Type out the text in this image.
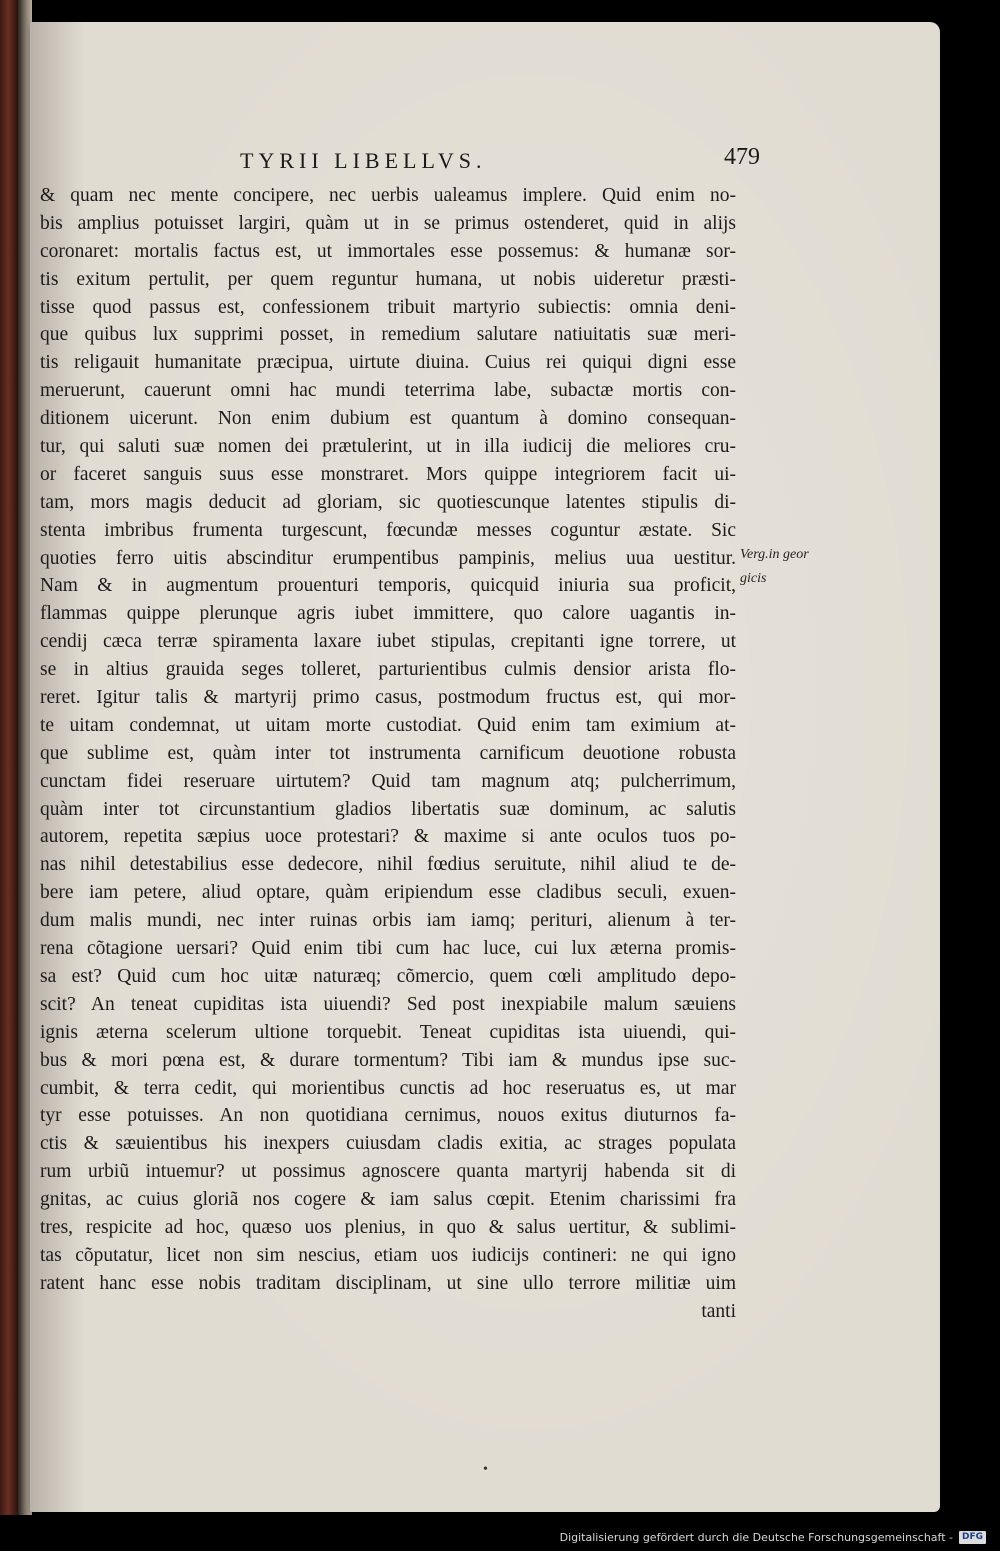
TYRII LIBELLVS.	479
& quam nec mente concipere, nec uerbis ualeamus implere. Quid enim no-
bis amplius potuisset largiri, quàm ut in se primus ostenderet, quid in alijs
coronaret: mortalis factus est, ut immortales esse possemus: & humanæ sor-
tis exitum pertulit, per quem reguntur humana, ut nobis uideretur præsti-
tisse quod passus est, confessionem tribuit martyrio subiectis: omnia deni-
que quibus lux supprimi posset, in remedium salutare natiuitatis suæ meri-
tis religauit humanitate præcipua, uirtute diuina. Cuius rei quiqui digni esse
meruerunt, cauerunt omni hac mundi teterrima labe, subactæ mortis con-
ditionem uicerunt. Non enim dubium est quantum à domino consequan-
tur, qui saluti suæ nomen dei prætulerint, ut in illa iudicij die meliores cru-
or faceret sanguis suus esse monstraret. Mors quippe integriorem facit ui-
tam, mors magis deducit ad gloriam, sic quotiescunque latentes stipulis di-
stenta imbribus frumenta turgescunt, fœcundæ messes coguntur æstate. Sic
quoties ferro uitis abscinditur erumpentibus pampinis, melius uua uestitur.
Nam & in augmentum prouenturi temporis, quicquid iniuria sua proficit,
flammas quippe plerunque agris iubet immittere, quo calore uagantis in-
cendij cæca terræ spiramenta laxare iubet stipulas, crepitanti igne torrere, ut
se in altius grauida seges tolleret, parturientibus culmis densior arista flo-
reret. Igitur talis & martyrij primo casus, postmodum fructus est, qui mor-
te uitam condemnat, ut uitam morte custodiat. Quid enim tam eximium at-
que sublime est, quàm inter tot instrumenta carnificum deuotione robusta
cunctam fidei reseruare uirtutem? Quid tam magnum atq; pulcherrimum,
quàm inter tot circunstantium gladios libertatis suæ dominum, ac salutis
autorem, repetita sæpius uoce protestari? & maxime si ante oculos tuos po-
nas nihil detestabilius esse dedecore, nihil fœdius seruitute, nihil aliud te de-
bere iam petere, aliud optare, quàm eripiendum esse cladibus seculi, exuen-
dum malis mundi, nec inter ruinas orbis iam iamq; perituri, alienum à ter-
rena cõtagione uersari? Quid enim tibi cum hac luce, cui lux æterna promis-
sa est? Quid cum hoc uitæ naturæq; cõmercio, quem cœli amplitudo depo-
scit? An teneat cupiditas ista uiuendi? Sed post inexpiabile malum sæuiens
ignis æterna scelerum ultione torquebit. Teneat cupiditas ista uiuendi, qui-
bus & mori pœna est, & durare tormentum? Tibi iam & mundus ipse suc-
cumbit, & terra cedit, qui morientibus cunctis ad hoc reseruatus es, ut mar
tyr esse potuisses. An non quotidiana cernimus, nouos exitus diuturnos fa-
ctis & sæuientibus his inexpers cuiusdam cladis exitia, ac strages populata
rum urbiũ intuemur? ut possimus agnoscere quanta martyrij habenda sit di
gnitas, ac cuius gloriã nos cogere & iam salus cœpit. Etenim charissimi fra
tres, respicite ad hoc, quæso uos plenius, in quo & salus uertitur, & sublimi-
tas cõputatur, licet non sim nescius, etiam uos iudicijs contineri: ne qui igno
ratent hanc esse nobis traditam disciplinam, ut sine ullo terrore militiæ uim
tanti
Verg.in geor
gicis
•
Digitalisierung gefördert durch die Deutsche Forschungsgemeinschaft -	DFG
